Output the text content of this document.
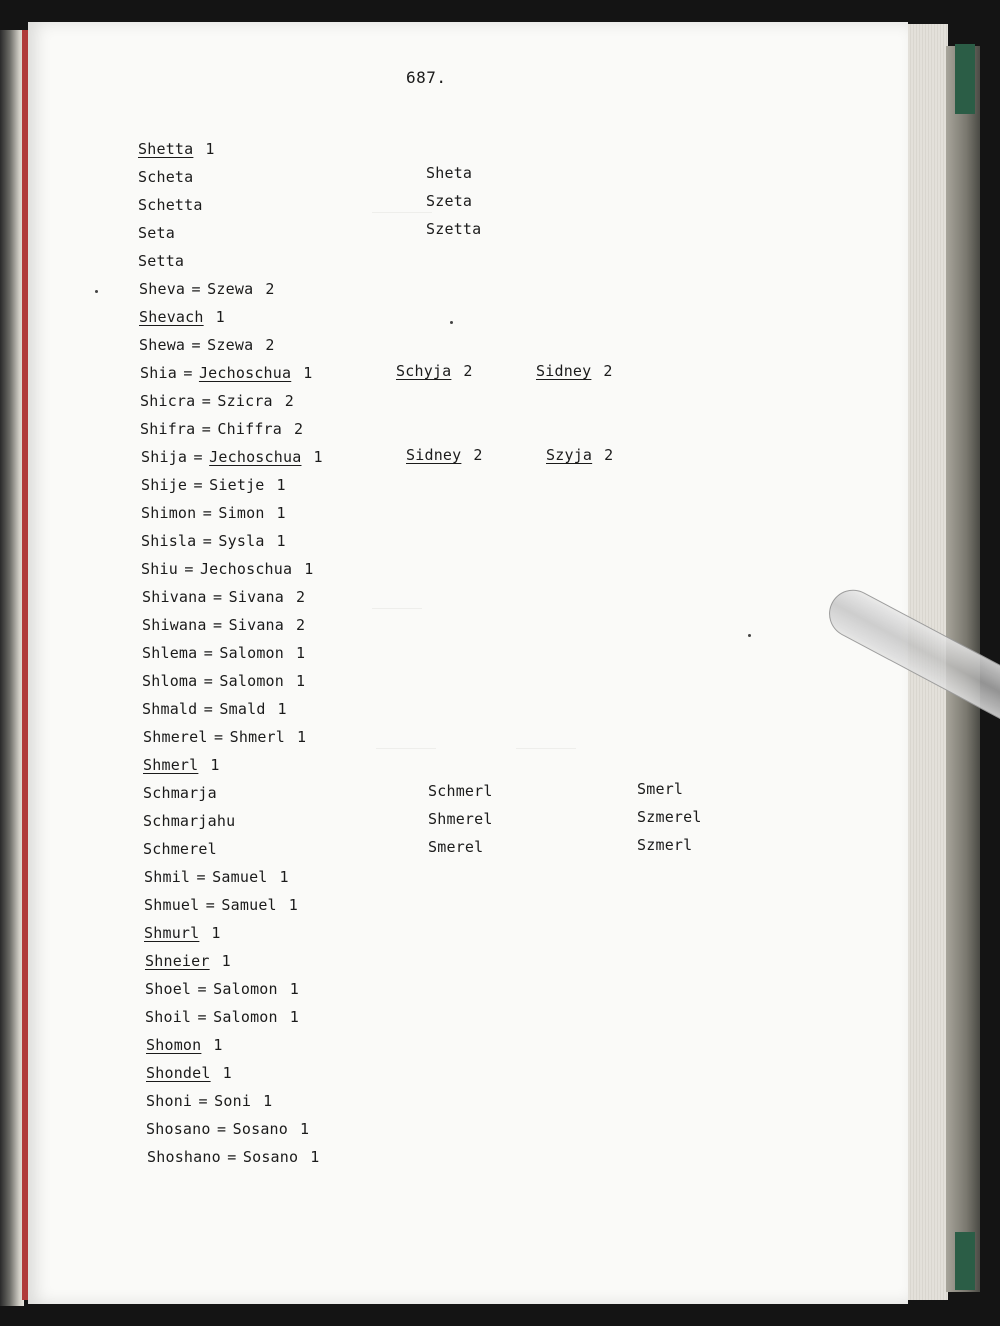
687.
Shetta 1
Scheta
Schetta
Seta
Setta
Sheva = Szewa 2
Shevach 1
Shewa = Szewa 2
Shia = Jechoschua 1
Shicra = Szicra 2
Shifra = Chiffra 2
Shija = Jechoschua 1
Shije = Sietje 1
Shimon = Simon 1
Shisla = Sysla 1
Shiu = Jechoschua 1
Shivana = Sivana 2
Shiwana = Sivana 2
Shlema = Salomon 1
Shloma = Salomon 1
Shmald = Smald 1
Shmerel = Shmerl 1
Shmerl 1
Schmarja
Schmarjahu
Schmerel
Shmil = Samuel 1
Shmuel = Samuel 1
Shmurl 1
Shneier 1
Shoel = Salomon 1
Shoil = Salomon 1
Shomon 1
Shondel 1
Shoni = Soni 1
Shosano = Sosano 1
Shoshano = Sosano 1
Sheta
Szeta
Szetta
Schyja 2	Sidney 2
Sidney 2	Szyja 2
Schmerl
Shmerel
Smerel
Smerl
Szmerel
Szmerl
